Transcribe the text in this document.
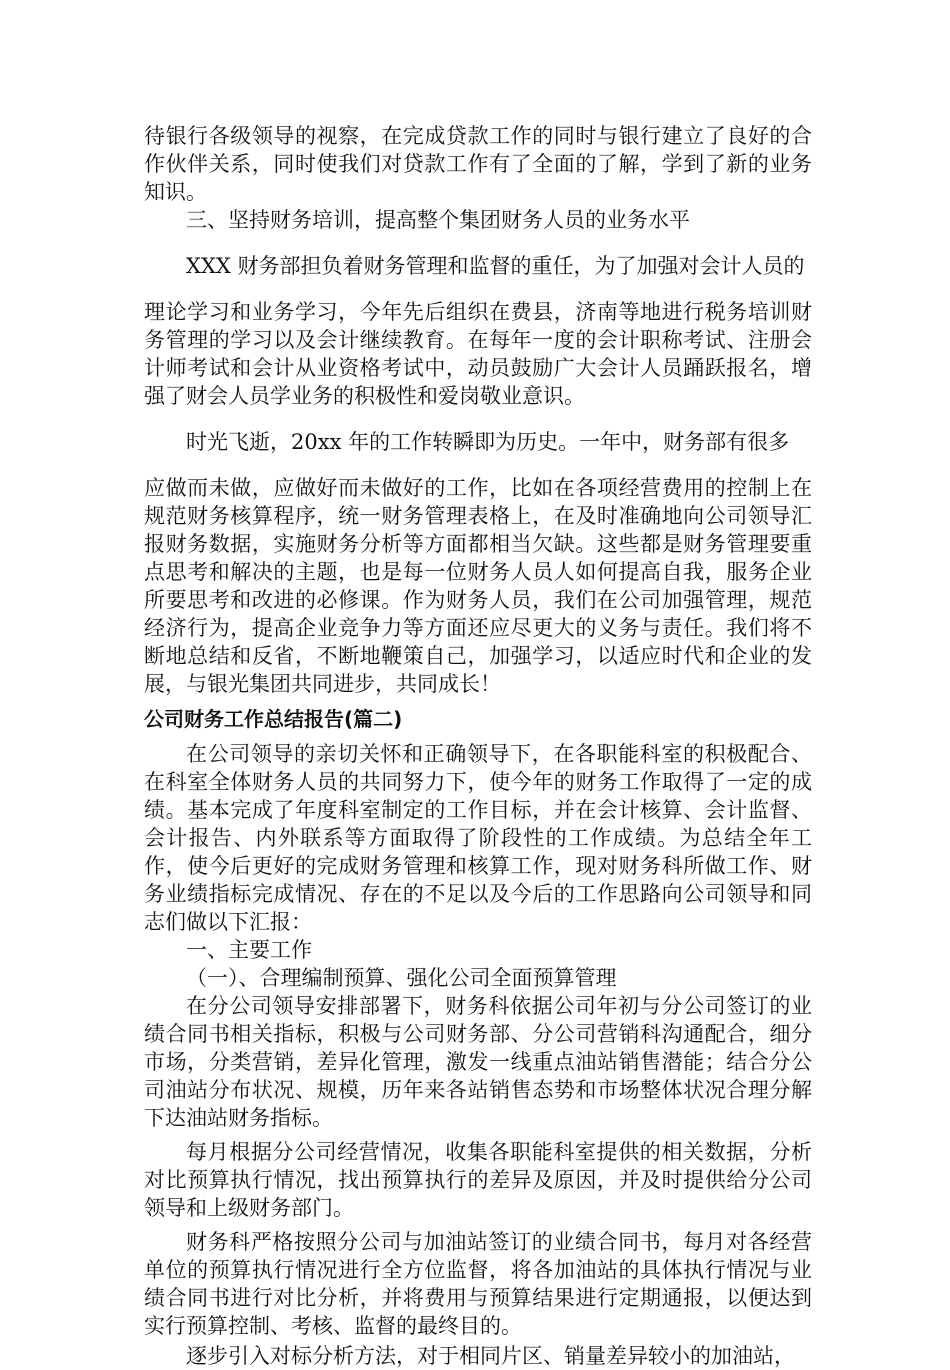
待银行各级领导的视察，在完成贷款工作的同时与银行建立了良好的合作伙伴关系，同时使我们对贷款工作有了全面的了解，学到了新的业务知识。

三、坚持财务培训，提高整个集团财务人员的业务水平

XXX 财务部担负着财务管理和监督的重任，为了加强对会计人员的

理论学习和业务学习，今年先后组织在费县，济南等地进行税务培训财务管理的学习以及会计继续教育。在每年一度的会计职称考试、注册会计师考试和会计从业资格考试中，动员鼓励广大会计人员踊跃报名，增强了财会人员学业务的积极性和爱岗敬业意识。

时光飞逝，20xx 年的工作转瞬即为历史。一年中，财务部有很多

应做而未做，应做好而未做好的工作，比如在各项经营费用的控制上在规范财务核算程序，统一财务管理表格上，在及时准确地向公司领导汇报财务数据，实施财务分析等方面都相当欠缺。这些都是财务管理要重点思考和解决的主题，也是每一位财务人员人如何提高自我，服务企业所要思考和改进的必修课。作为财务人员，我们在公司加强管理，规范经济行为，提高企业竞争力等方面还应尽更大的义务与责任。我们将不断地总结和反省，不断地鞭策自己，加强学习，以适应时代和企业的发展，与银光集团共同进步，共同成长！

公司财务工作总结报告(篇二)

在公司领导的亲切关怀和正确领导下，在各职能科室的积极配合、在科室全体财务人员的共同努力下，使今年的财务工作取得了一定的成绩。基本完成了年度科室制定的工作目标，并在会计核算、会计监督、会计报告、内外联系等方面取得了阶段性的工作成绩。为总结全年工作，使今后更好的完成财务管理和核算工作，现对财务科所做工作、财务业绩指标完成情况、存在的不足以及今后的工作思路向公司领导和同志们做以下汇报：

一、主要工作

（一）、合理编制预算、强化公司全面预算管理

在分公司领导安排部署下，财务科依据公司年初与分公司签订的业绩合同书相关指标，积极与公司财务部、分公司营销科沟通配合，细分市场，分类营销，差异化管理，激发一线重点油站销售潜能；结合分公司油站分布状况、规模，历年来各站销售态势和市场整体状况合理分解下达油站财务指标。

每月根据分公司经营情况，收集各职能科室提供的相关数据，分析对比预算执行情况，找出预算执行的差异及原因，并及时提供给分公司领导和上级财务部门。

财务科严格按照分公司与加油站签订的业绩合同书，每月对各经营单位的预算执行情况进行全方位监督，将各加油站的具体执行情况与业绩合同书进行对比分析，并将费用与预算结果进行定期通报，以便达到实行预算控制、考核、监督的最终目的。

逐步引入对标分析方法，对于相同片区、销量差异较小的加油站，
